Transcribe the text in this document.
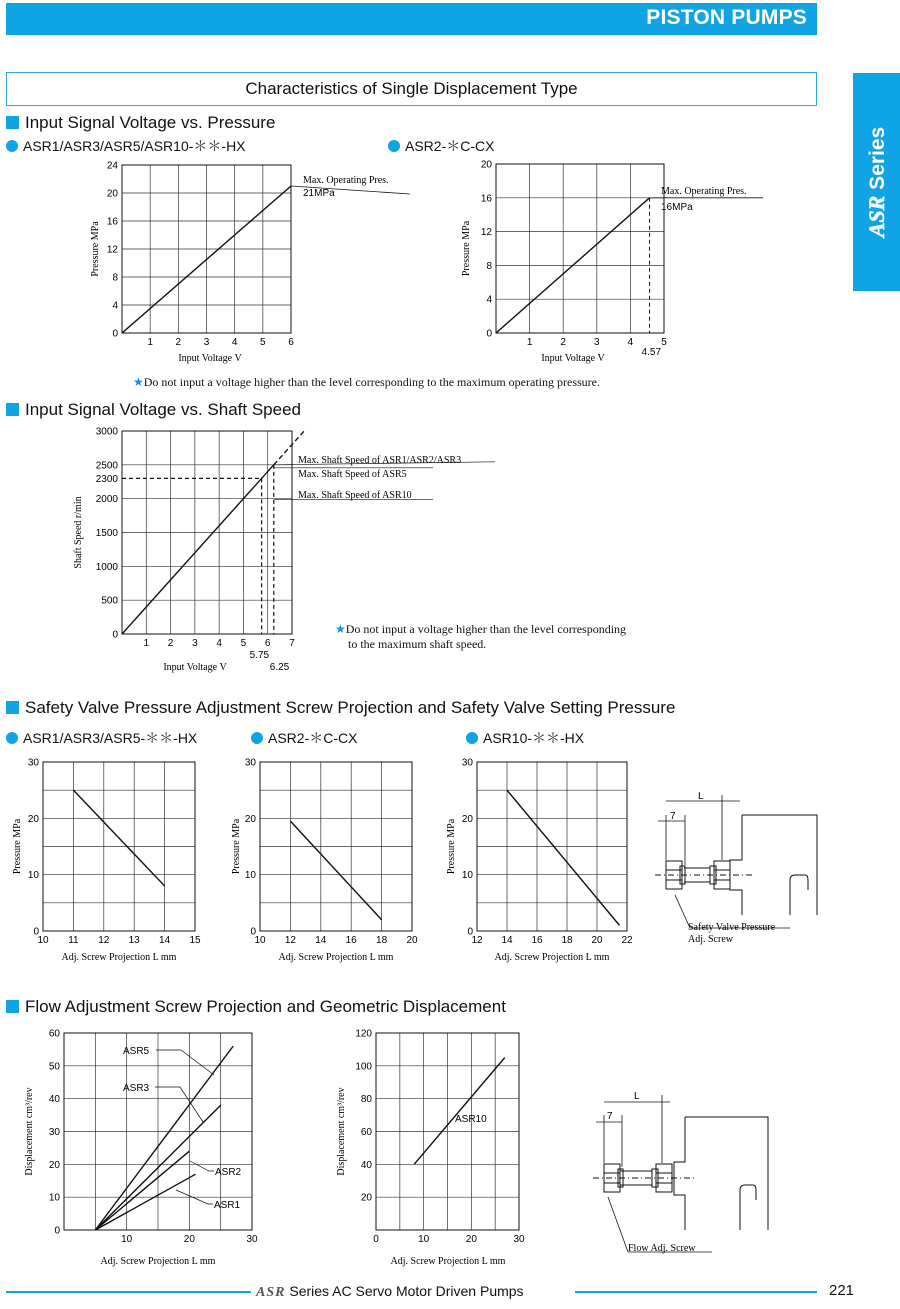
PISTON PUMPS
ASR Series
Characteristics of Single Displacement Type
Input Signal Voltage vs. Pressure
ASR1/ASR3/ASR5/ASR10-＊＊-HX	ASR2-＊C-CX
1 2 3 4 5 6
0
4
8
12
16
20
24
Input Voltage V
Pressure MPa
Max. Operating Pres.
21MPa
1	2	3	4	5
0
4
8
12
16
20
Input Voltage V
Pressure MPa
4.57
Max. Operating Pres.
16MPa
★Do not input a voltage higher than the level corresponding to the maximum operating pressure.
Input Signal Voltage vs. Shaft Speed
1 2 3 4 5 6 7
0
500
1000
1500
2000
2300
2500
3000
Input Voltage V
Shaft Speed r/min
Max. Shaft Speed of ASR1/ASR2/ASR3
Max. Shaft Speed of ASR5
Max. Shaft Speed of ASR10
5.75
6.25
★Do not input a voltage higher than the level corresponding
to the maximum shaft speed.
Safety Valve Pressure Adjustment Screw Projection and Safety Valve Setting Pressure
ASR1/ASR3/ASR5-＊＊-HX	ASR2-＊C-CX	ASR10-＊＊-HX
10 11 12 13 14 15
0
10
20
30
Adj. Screw Projection L mm
Pressure MPa
10 12 14 16 18 20
0
10
20
30
Adj. Screw Projection L mm
Pressure MPa
12 14 16 18 20 22
0
10
20
30
Adj. Screw Projection L mm
Pressure MPa
L
7
Safety Valve Pressure
Adj. Screw
Flow Adjustment Screw Projection and Geometric Displacement
10	20	30
0
10
20
30
40
50
60
Adj. Screw Projection L mm
Displacement cm³/rev
ASR5
ASR3
ASR2
ASR1
0	10	20	30
20
40
60
80
100
120
Adj. Screw Projection L mm
Displacement cm³/rev	ASR10
L
7
Flow Adj. Screw
ASR Series AC Servo Motor Driven Pumps	221
